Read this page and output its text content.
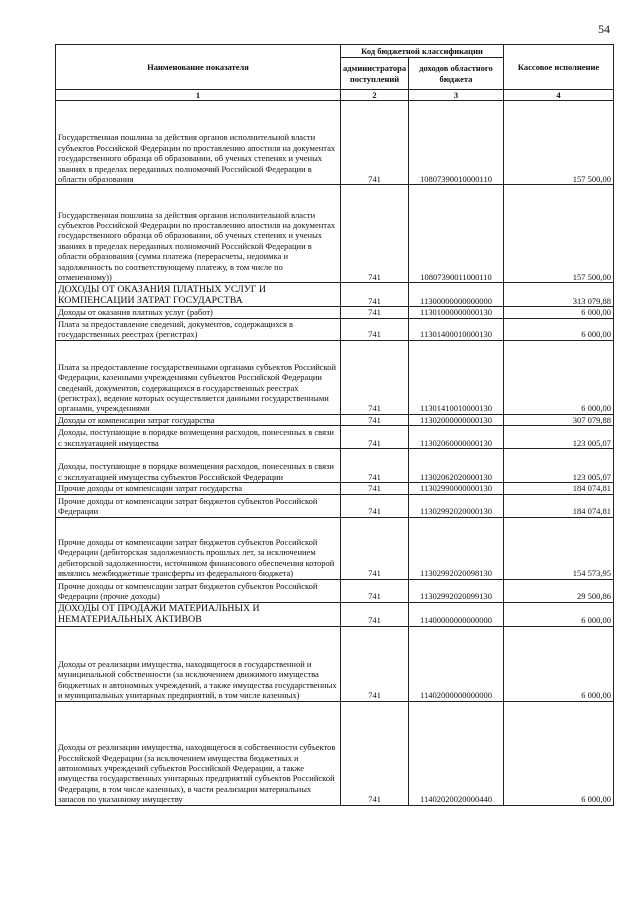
54
Наименование показателя	Код бюджетной классификации		Кассовое исполнение
	администратора поступлений	доходов областного бюджета	
1	2	3	4
Государственная пошлина за действия органов исполнительной власти субъектов Российской Федерации по проставлению апостиля на документах государственного образца об образовании, об ученых степенях и ученых званиях в пределах переданных полномочий Российской Федерации в области образования	741	10807390010000110	157 500,00
Государственная пошлина за действия органов исполнительной власти субъектов Российской Федерации по проставлению апостиля на документах государственного образца об образовании, об ученых степенях и ученых званиях в пределах переданных полномочий Российской Федерации в области образования (сумма платежа (перерасчеты, недоимка и задолженность по соответствующему платежу, в том числе по отмененному))	741	10807390011000110	157 500,00
ДОХОДЫ ОТ ОКАЗАНИЯ ПЛАТНЫХ УСЛУГ И КОМПЕНСАЦИИ ЗАТРАТ ГОСУДАРСТВА	741	11300000000000000	313 079,88
Доходы от оказания платных услуг (работ)	741	11301000000000130	6 000,00
Плата за предоставление сведений, документов, содержащихся в государственных реестрах (регистрах)	741	11301400010000130	6 000,00
Плата за предоставление государственными органами субъектов Российской Федерации, казенными учреждениями субъектов Российской Федерации сведений, документов, содержащихся в государственных реестрах (регистрах), ведение которых осуществляется данными государственными органами, учреждениями	741	11301410010000130	6 000,00
Доходы от компенсации затрат государства	741	11302000000000130	307 079,88
Доходы, поступающие в порядке возмещения расходов, понесенных в связи с эксплуатацией имущества	741	11302060000000130	123 005,07
Доходы, поступающие в порядке возмещения расходов, понесенных в связи с эксплуатацией имущества субъектов Российской Федерации	741	11302062020000130	123 005,07
Прочие доходы от компенсации затрат государства	741	11302990000000130	184 074,81
Прочие доходы от компенсации затрат бюджетов субъектов Российской Федерации	741	11302992020000130	184 074,81
Прочие доходы от компенсации затрат бюджетов субъектов Российской Федерации (дебиторская задолженность прошлых лет, за исключением дебиторской задолженности, источником финансового обеспечения которой являлись межбюджетные трансферты из федерального бюджета)	741	11302992020098130	154 573,95
Прочие доходы от компенсации затрат бюджетов субъектов Российской Федерации (прочие доходы)	741	11302992020099130	29 500,86
ДОХОДЫ ОТ ПРОДАЖИ МАТЕРИАЛЬНЫХ И НЕМАТЕРИАЛЬНЫХ АКТИВОВ	741	11400000000000000	6 000,00
Доходы от реализации имущества, находящегося в государственной и муниципальной собственности (за исключением движимого имущества бюджетных и автономных учреждений, а также имущества государственных и муниципальных унитарных предприятий, в том числе казенных)	741	11402000000000000	6 000,00
Доходы от реализации имущества, находящегося в собственности субъектов Российской Федерации (за исключением имущества бюджетных и автономных учреждений субъектов Российской Федерации, а также имущества государственных унитарных предприятий субъектов Российской Федерации, в том числе казенных), в части реализации материальных запасов по указанному имуществу	741	11402020020000440	6 000,00
